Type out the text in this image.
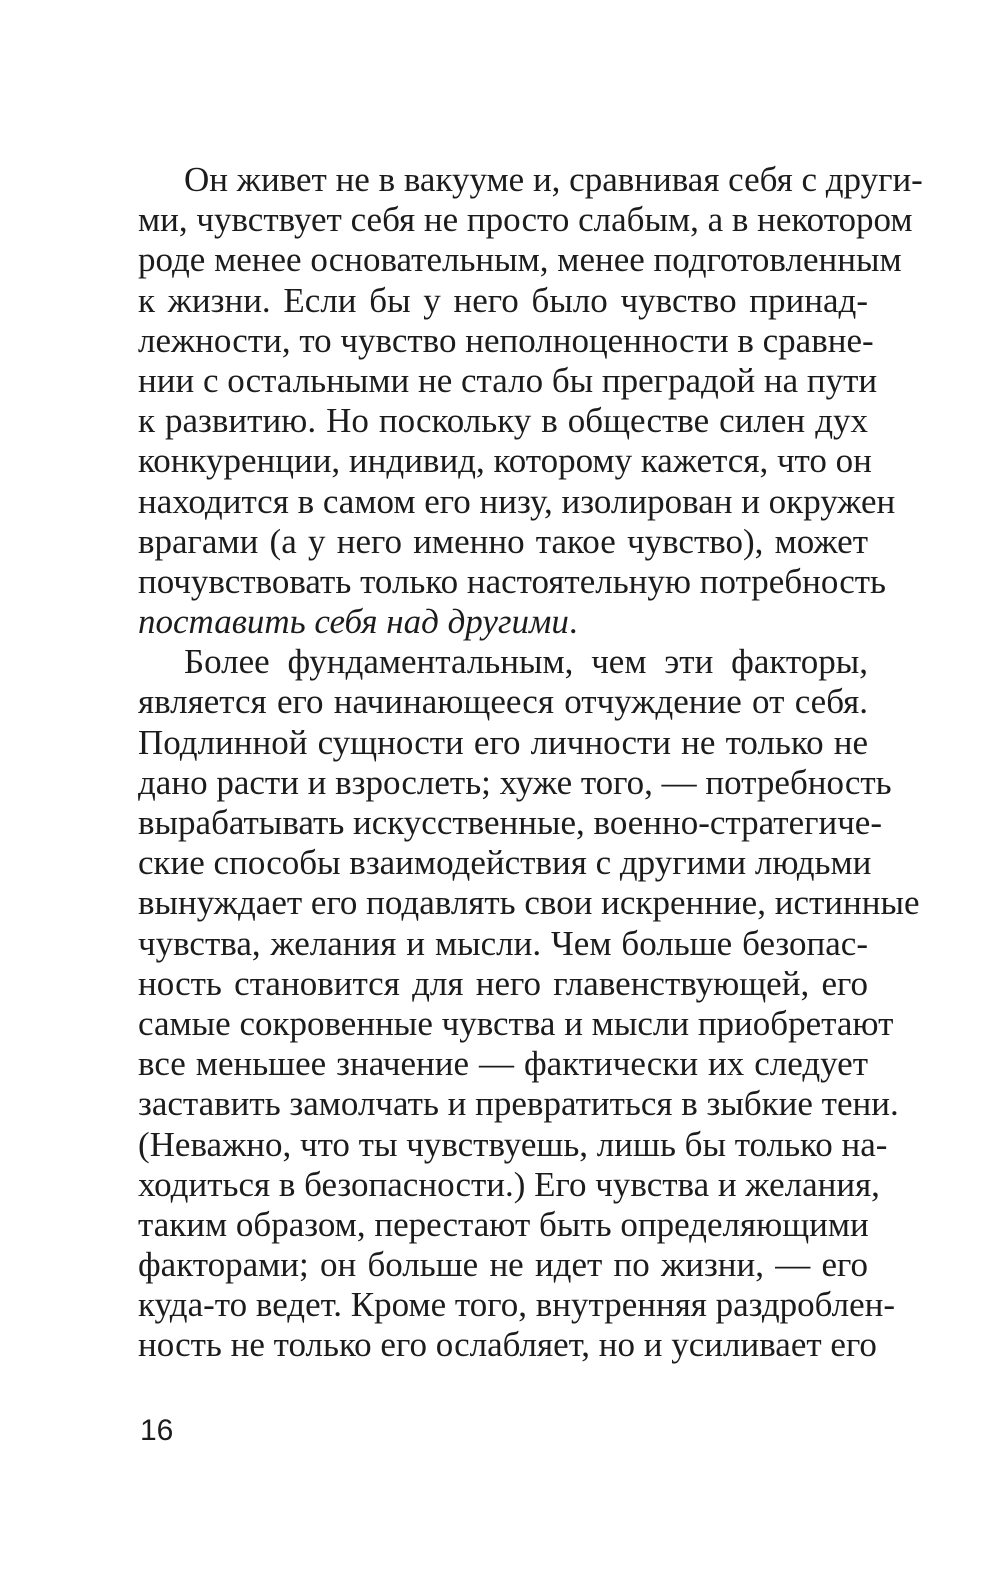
Он живет не в вакууме и, сравнивая себя с други-
ми, чувствует себя не просто слабым, а в некотором
роде менее основательным, менее подготовленным
к жизни. Если бы у него было чувство принад-
лежности, то чувство неполноценности в сравне-
нии с остальными не стало бы преградой на пути
к развитию. Но поскольку в обществе силен дух
конкуренции, индивид, которому кажется, что он
находится в самом его низу, изолирован и окружен
врагами (а у него именно такое чувство), может
почувствовать только настоятельную потребность
поставить себя над другими.
Более фундаментальным, чем эти факторы,
является его начинающееся отчуждение от себя.
Подлинной сущности его личности не только не
дано расти и взрослеть; хуже того, — потребность
вырабатывать искусственные, военно-стратегиче-
ские способы взаимодействия с другими людьми
вынуждает его подавлять свои искренние, истинные
чувства, желания и мысли. Чем больше безопас-
ность становится для него главенствующей, его
самые сокровенные чувства и мысли приобретают
все меньшее значение — фактически их следует
заставить замолчать и превратиться в зыбкие тени.
(Неважно, что ты чувствуешь, лишь бы только на-
ходиться в безопасности.) Его чувства и желания,
таким образом, перестают быть определяющими
факторами; он больше не идет по жизни, — его
куда-то ведет. Кроме того, внутренняя раздроблен-
ность не только его ослабляет, но и усиливает его
16
